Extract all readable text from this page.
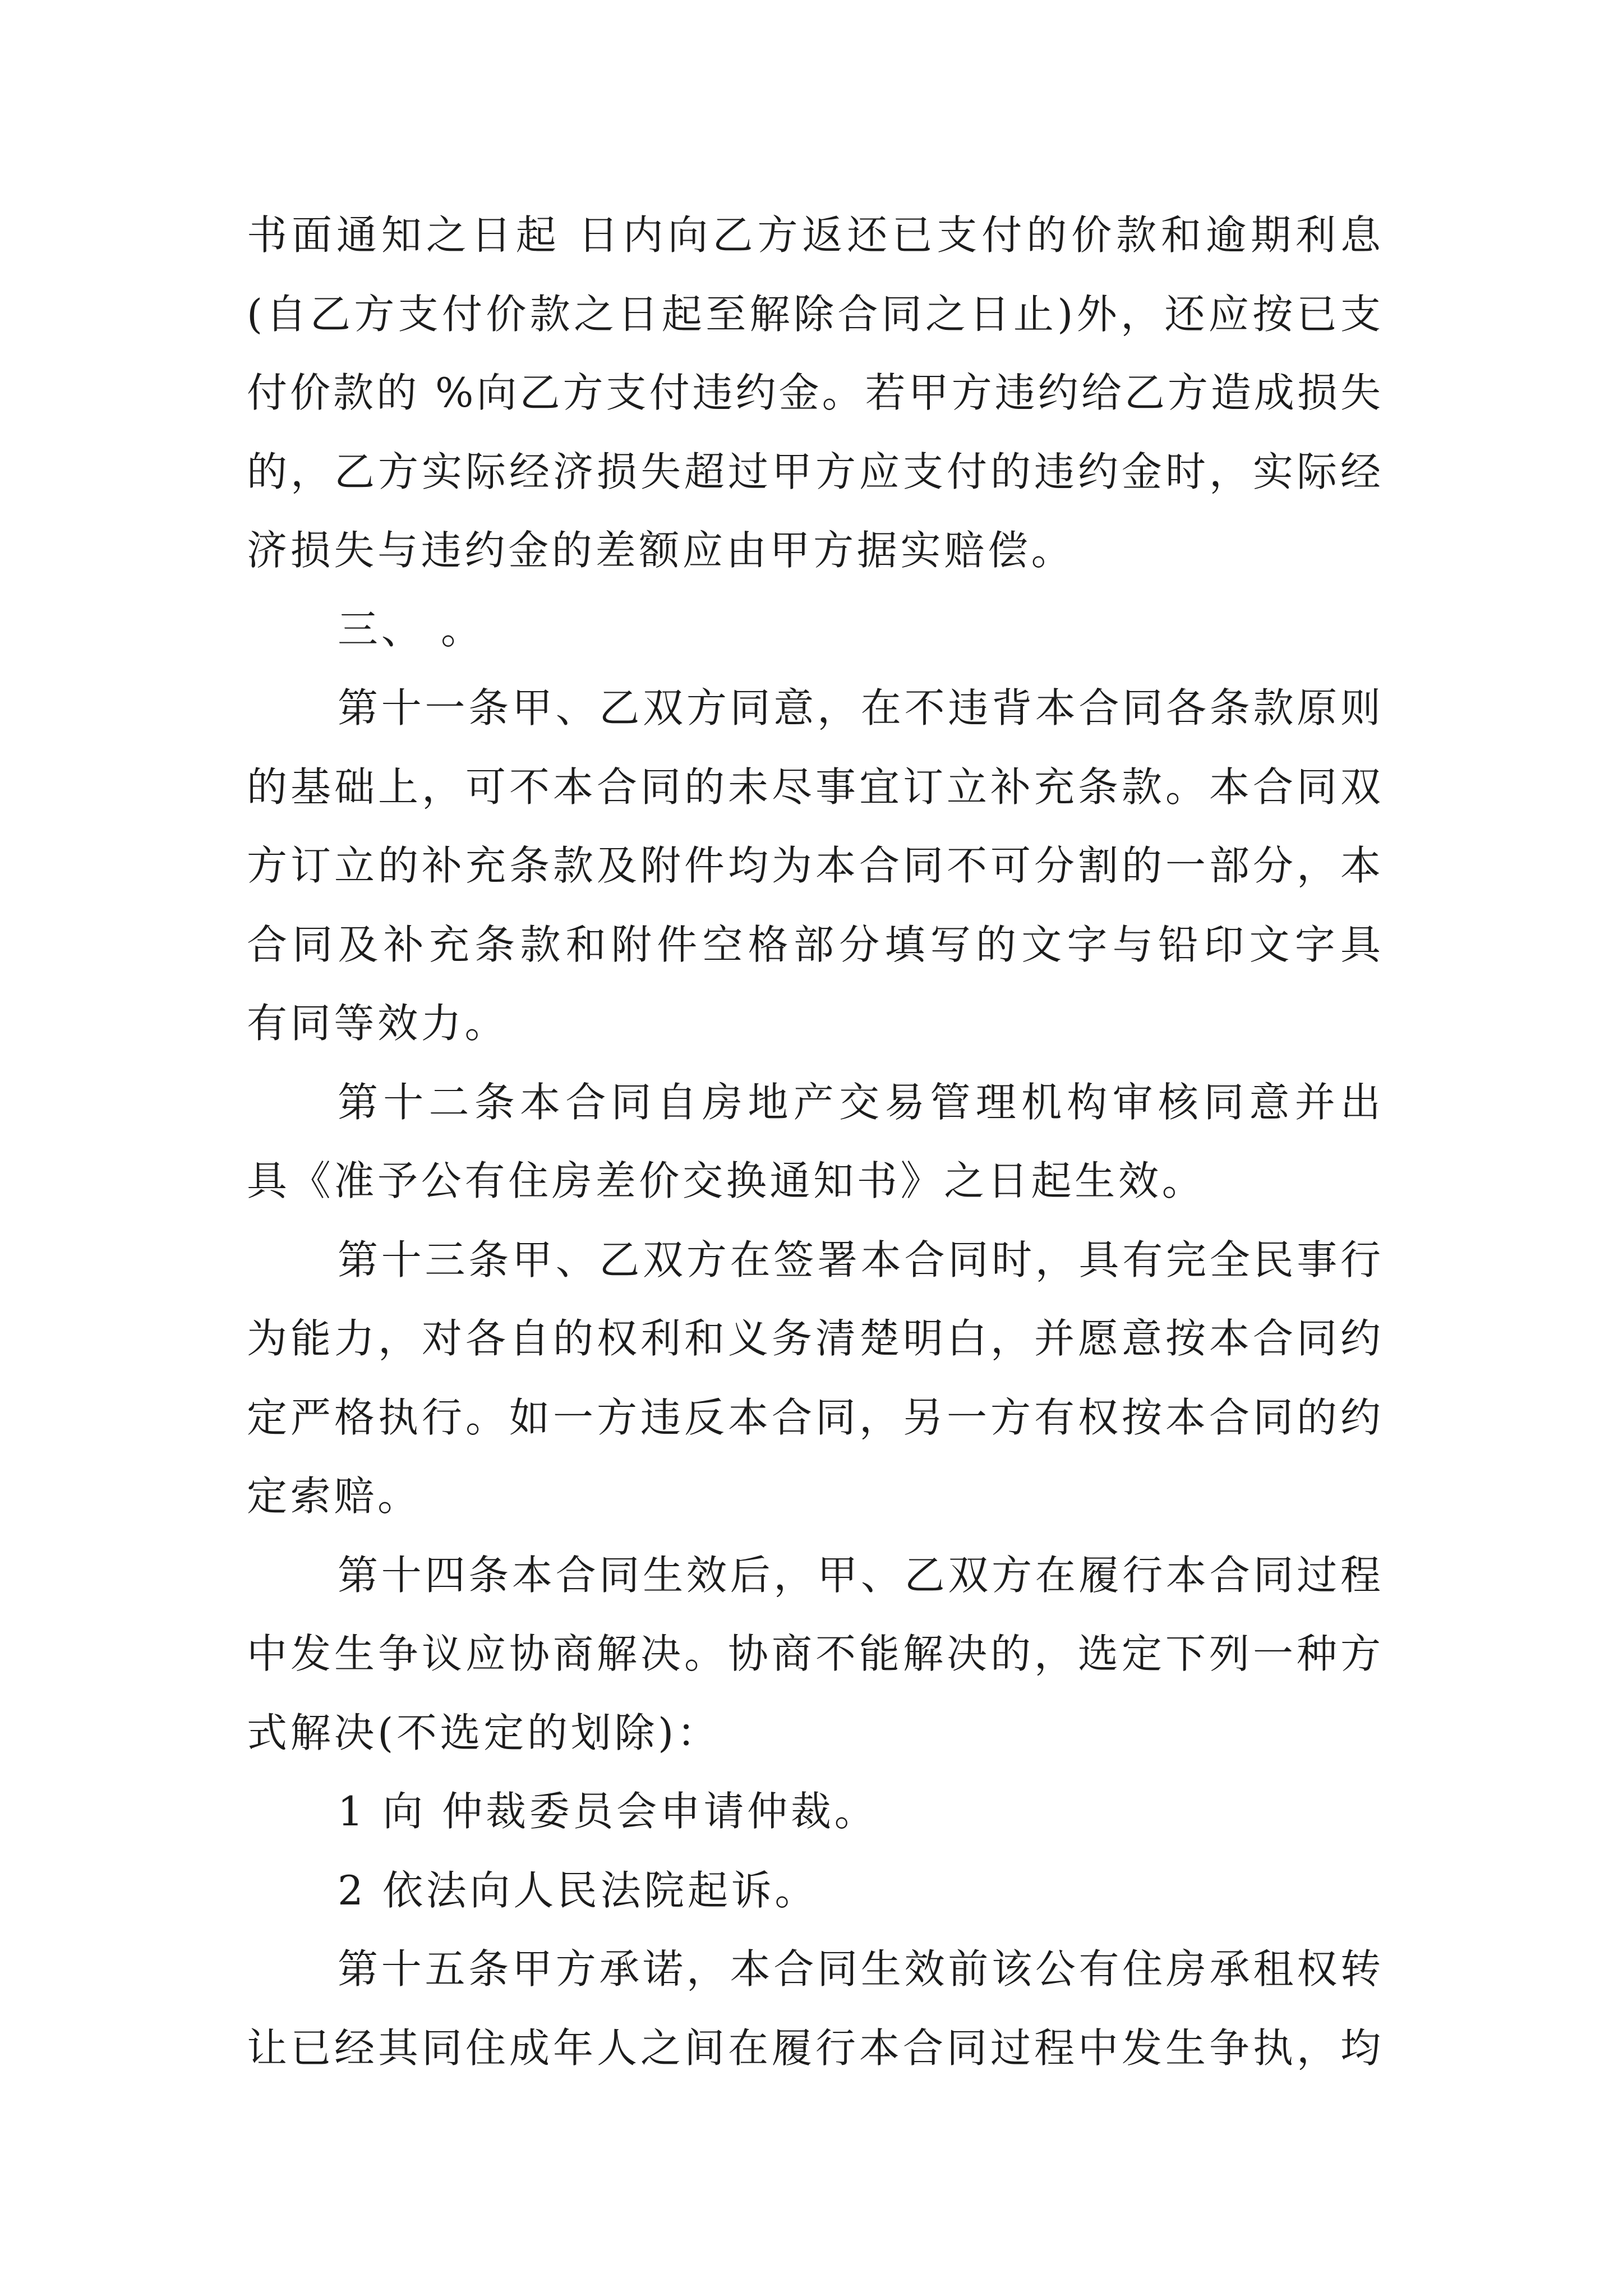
书面通知之日起 日内向乙方返还已支付的价款和逾期利息
(自乙方支付价款之日起至解除合同之日止)外，还应按已支
付价款的 %向乙方支付违约金。若甲方违约给乙方造成损失
的，乙方实际经济损失超过甲方应支付的违约金时，实际经
济损失与违约金的差额应由甲方据实赔偿。
三、 。
第十一条甲、乙双方同意，在不违背本合同各条款原则
的基础上，可不本合同的未尽事宜订立补充条款。本合同双
方订立的补充条款及附件均为本合同不可分割的一部分，本
合同及补充条款和附件空格部分填写的文字与铅印文字具
有同等效力。
第十二条本合同自房地产交易管理机构审核同意并出
具《准予公有住房差价交换通知书》之日起生效。
第十三条甲、乙双方在签署本合同时，具有完全民事行
为能力，对各自的权利和义务清楚明白，并愿意按本合同约
定严格执行。如一方违反本合同，另一方有权按本合同的约
定索赔。
第十四条本合同生效后，甲、乙双方在履行本合同过程
中发生争议应协商解决。协商不能解决的，选定下列一种方
式解决(不选定的划除)：
1 向 仲裁委员会申请仲裁。
2 依法向人民法院起诉。
第十五条甲方承诺，本合同生效前该公有住房承租权转
让已经其同住成年人之间在履行本合同过程中发生争执，均
